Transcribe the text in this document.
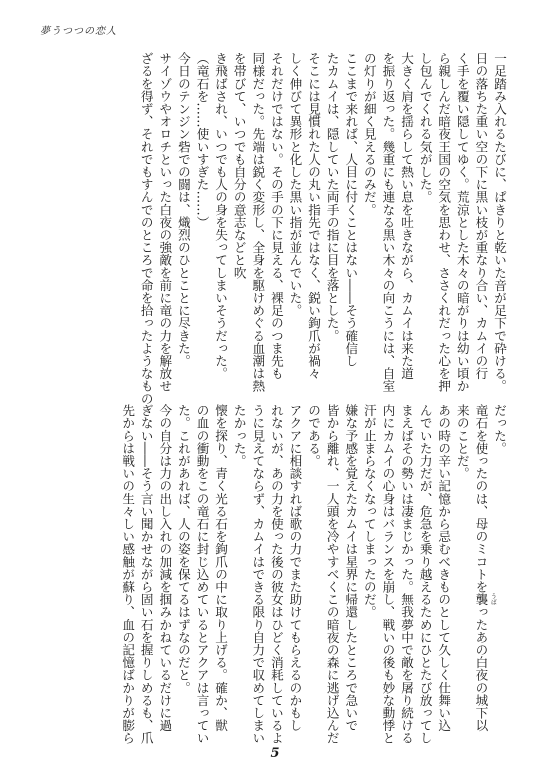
夢うつつの恋人

一足踏み入れるたびに、ぱきりと乾いた音が足下で砕ける。

日の落ちた重い空の下に黒い枝が重なり合い、カムイの行

く手を覆い隠してゆく。荒涼とした木々の暗がりは幼い頃か

ら親しんだ暗夜王国の空気を思わせ、ささくれだった心を押

し包んでくれる気がした。

大きく肩を揺らして熱い息を吐きながら、カムイは来た道

を振り返った。幾重にも連なる黒い木々の向こうには、自室

の灯りが細く見えるのみだ。

ここまで来れば、人目に付くことはない――そう確信し

たカムイは、隠していた両手の指に目を落とした。

そこには見慣れた人の丸い指先ではなく、鋭い鉤爪が禍々

しく伸びて異形と化した黒い指が並んでいた。

それだけではない。その手の下に見える、裸足のつま先も

同様だった。先端は鋭く変形し、全身を駆けめぐる血潮は熱

を帯びて、いつでも自分の意志などと吹

き飛ばされ、いつでも人の身を失ってしまいそうだった。

（竜石を……使いすぎた……）

今日のテンジン砦での闘は、熾烈のひとことに尽きた。

サイゾウやオロチといった白夜の強敵を前に竜の力を解放せ

ざるを得ず、それでもすんでのところで命を拾ったようなもの

だった。

竜石を使ったのは、母のミコトを襲 うば
ったあの白夜の城下以

来のことだ。

あの時の辛い記憶から忌むべきものとして久しく仕舞い込

んでいた力だが、危急を乗り越えるためにひとたび放ってし

まえばその勢いは凄まじかった。無我夢中で敵を屠り続ける

内にカムイの心身はバランスを崩し、戦いの後も妙な動悸と

汗が止まらなくなってしまったのだ。

嫌な予感を覚えたカムイは星界に帰還したところで急いで

皆から離れ、一人頭を冷やすべくこの暗夜の森に逃げ込んだ

のである。

アクアに相談すれば歌の力でまた助けてもらえるのかもし

れないが、あの力を使った後の彼女はひどく消耗しているよ

うに見えてならず、カムイはできる限り自力で収めてしまい

たかった。

懐を探り、青く光る石を鉤爪の中に取り上げる。確か、獣

の血の衝動をこの竜石に封じ込めているとアクアは言ってい

た。これがあれば、人の姿を保てるはずなのだと。

今の自分は力の出し入れの加減を掴みかねているだけに過

ぎない――そう言い聞かせながら固い石を握りしめるも、爪

先からは戦いの生々しい感触が蘇り、血の記憶ばかりが膨ら

5
